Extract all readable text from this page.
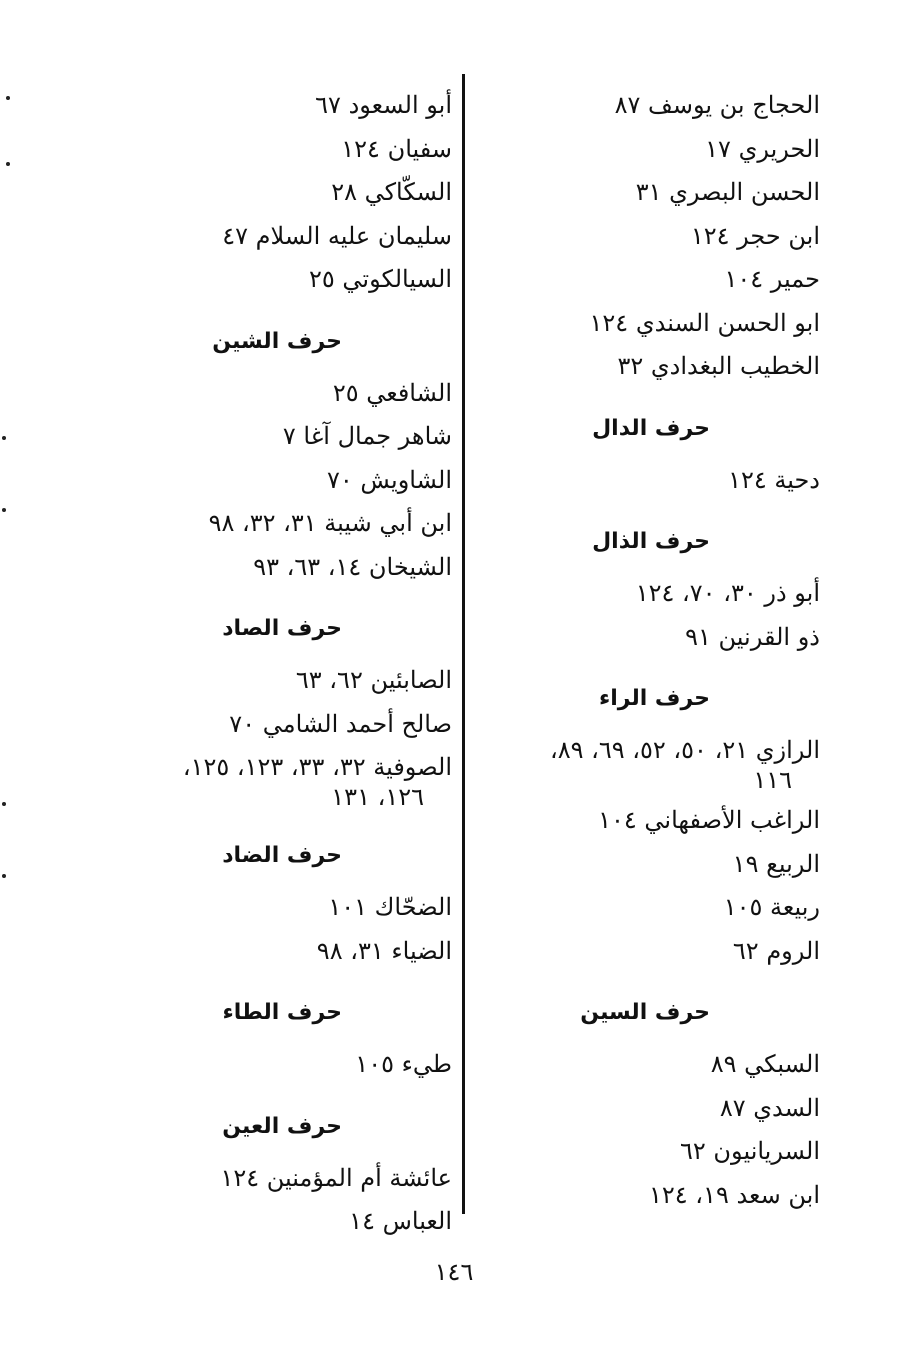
الحجاج بن يوسف ٨٧
الحريري ١٧
الحسن البصري ٣١
ابن حجر ١٢٤
حمير ١٠٤
ابو الحسن السندي ١٢٤
الخطيب البغدادي ٣٢
حرف الدال
دحية ١٢٤
حرف الذال
أبو ذر ٣٠، ٧٠، ١٢٤
ذو القرنين ٩١
حرف الراء
الرازي ٢١، ٥٠، ٥٢، ٦٩، ٨٩،
١١٦
الراغب الأصفهاني ١٠٤
الربيع ١٩
ربيعة ١٠٥
الروم ٦٢
حرف السين
السبكي ٨٩
السدي ٨٧
السريانيون ٦٢
ابن سعد ١٩، ١٢٤
أبو السعود ٦٧
سفيان ١٢٤
السكّاكي ٢٨
سليمان عليه السلام ٤٧
السيالكوتي ٢٥
حرف الشين
الشافعي ٢٥
شاهر جمال آغا ٧
الشاويش ٧٠
ابن أبي شيبة ٣١، ٣٢، ٩٨
الشيخان ١٤، ٦٣، ٩٣
حرف الصاد
الصابئين ٦٢، ٦٣
صالح أحمد الشامي ٧٠
الصوفية ٣٢، ٣٣، ١٢٣، ١٢٥،
١٢٦، ١٣١
حرف الضاد
الضحّاك ١٠١
الضياء ٣١، ٩٨
حرف الطاء
طيء ١٠٥
حرف العين
عائشة أم المؤمنين ١٢٤
العباس ١٤
١٤٦
